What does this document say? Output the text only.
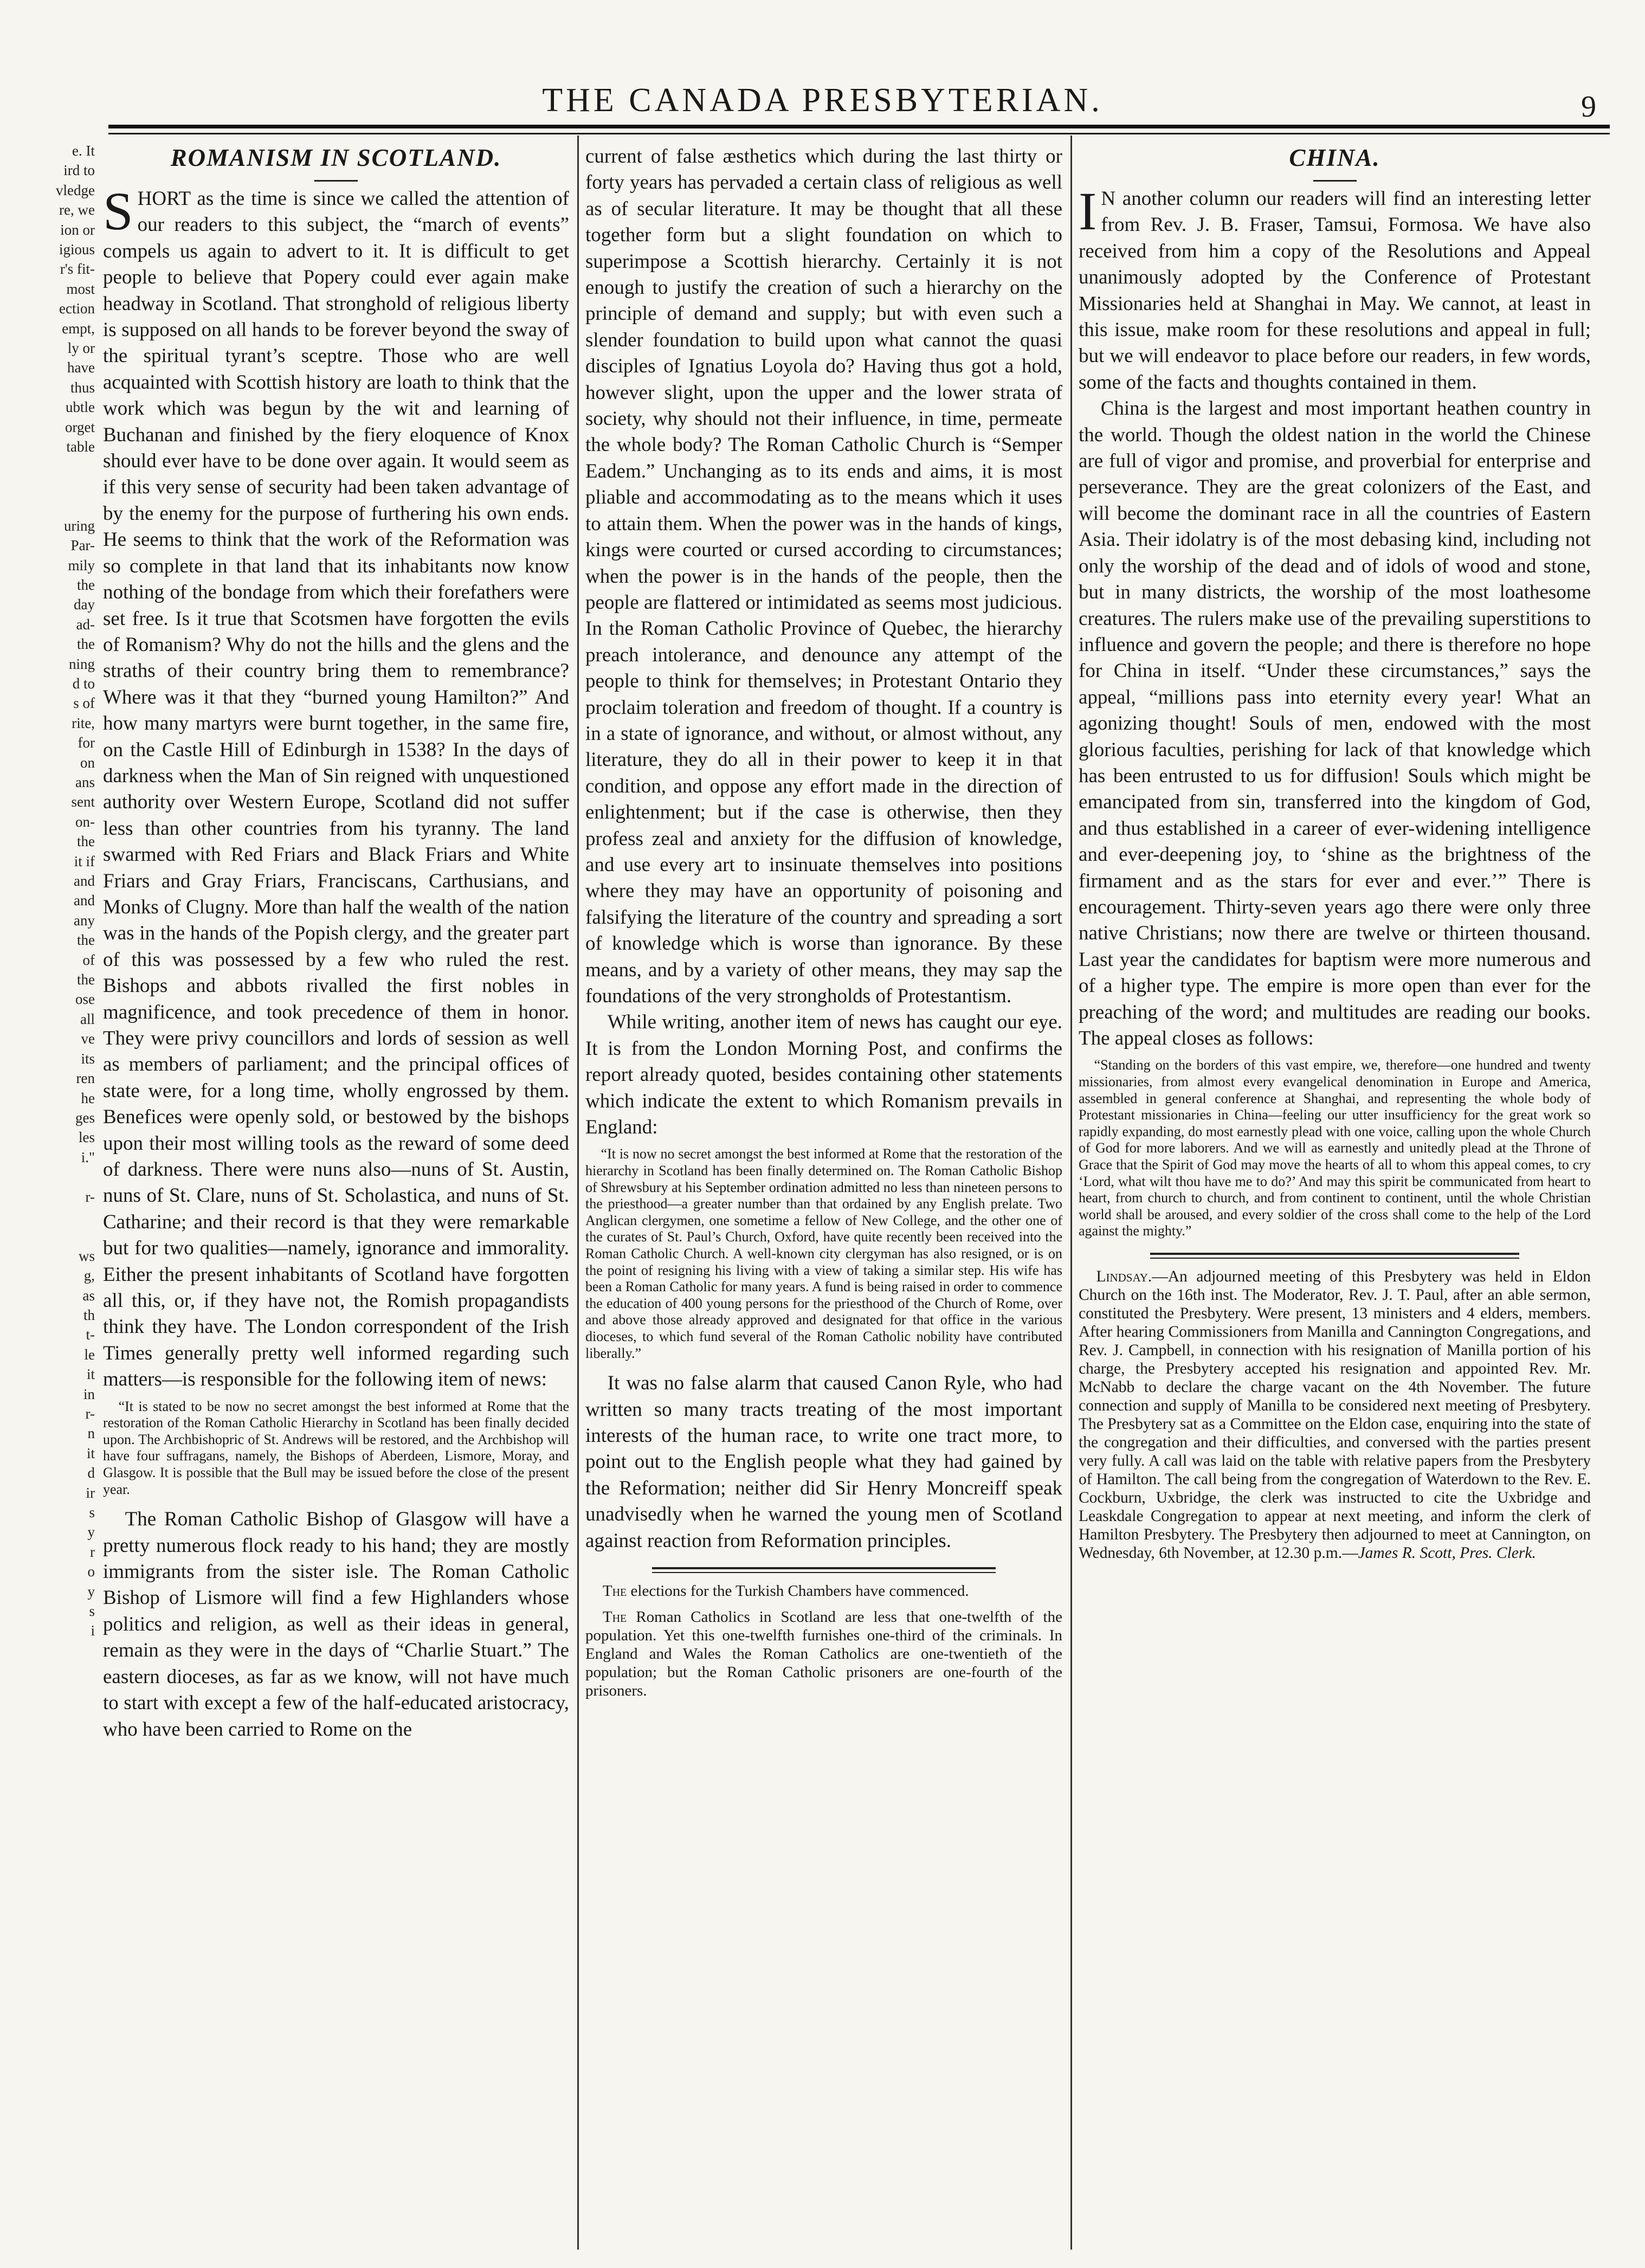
THE CANADA PRESBYTERIAN.	9
e. It
ird to
vledge
re, we
ion or
igious
r's fit-
most
ection
empt,
ly or
have
thus
ubtle
orget
table

uring
Par-
mily
the
day
ad-
the
ning
d to
s of
rite,
for
on
ans
sent
on-
the
it if
and
and
any
the
of
the
ose
all
ve
its
ren
he
ges
les
i."

r-

ws
g,
as
th
t-
le
it
in
r-
n
it
d
ir
s
y
r
o
y
s
i
ROMANISM IN SCOTLAND.

SHORT as the time is since we called the attention of our readers to this subject, the “march of events” compels us again to advert to it. It is difficult to get people to believe that Popery could ever again make headway in Scotland. That stronghold of religious liberty is supposed on all hands to be forever beyond the sway of the spiritual tyrant’s sceptre. Those who are well acquainted with Scottish history are loath to think that the work which was begun by the wit and learning of Buchanan and finished by the fiery eloquence of Knox should ever have to be done over again. It would seem as if this very sense of security had been taken advantage of by the enemy for the purpose of furthering his own ends. He seems to think that the work of the Reformation was so complete in that land that its inhabitants now know nothing of the bondage from which their forefathers were set free. Is it true that Scotsmen have forgotten the evils of Romanism? Why do not the hills and the glens and the straths of their country bring them to remembrance? Where was it that they “burned young Hamilton?” And how many martyrs were burnt together, in the same fire, on the Castle Hill of Edinburgh in 1538? In the days of darkness when the Man of Sin reigned with unquestioned authority over Western Europe, Scotland did not suffer less than other countries from his tyranny. The land swarmed with Red Friars and Black Friars and White Friars and Gray Friars, Franciscans, Carthusians, and Monks of Clugny. More than half the wealth of the nation was in the hands of the Popish clergy, and the greater part of this was possessed by a few who ruled the rest. Bishops and abbots rivalled the first nobles in magnificence, and took precedence of them in honor. They were privy councillors and lords of session as well as members of parliament; and the principal offices of state were, for a long time, wholly engrossed by them. Benefices were openly sold, or bestowed by the bishops upon their most willing tools as the reward of some deed of darkness. There were nuns also—nuns of St. Austin, nuns of St. Clare, nuns of St. Scholastica, and nuns of St. Catharine; and their record is that they were remarkable but for two qualities—namely, ignorance and immorality. Either the present inhabitants of Scotland have forgotten all this, or, if they have not, the Romish propagandists think they have. The London correspondent of the Irish Times generally pretty well informed regarding such matters—is responsible for the following item of news:

“It is stated to be now no secret amongst the best informed at Rome that the restoration of the Roman Catholic Hierarchy in Scotland has been finally decided upon. The Archbishopric of St. Andrews will be restored, and the Archbishop will have four suffragans, namely, the Bishops of Aberdeen, Lismore, Moray, and Glasgow. It is possible that the Bull may be issued before the close of the present year.

The Roman Catholic Bishop of Glasgow will have a pretty numerous flock ready to his hand; they are mostly immigrants from the sister isle. The Roman Catholic Bishop of Lismore will find a few Highlanders whose politics and religion, as well as their ideas in general, remain as they were in the days of “Charlie Stuart.” The eastern dioceses, as far as we know, will not have much to start with except a few of the half-educated aristocracy, who have been carried to Rome on the

current of false æsthetics which during the last thirty or forty years has pervaded a certain class of religious as well as of secular literature. It may be thought that all these together form but a slight foundation on which to superimpose a Scottish hierarchy. Certainly it is not enough to justify the creation of such a hierarchy on the principle of demand and supply; but with even such a slender foundation to build upon what cannot the quasi disciples of Ignatius Loyola do? Having thus got a hold, however slight, upon the upper and the lower strata of society, why should not their influence, in time, permeate the whole body? The Roman Catholic Church is “Semper Eadem.” Unchanging as to its ends and aims, it is most pliable and accommodating as to the means which it uses to attain them. When the power was in the hands of kings, kings were courted or cursed according to circumstances; when the power is in the hands of the people, then the people are flattered or intimidated as seems most judicious. In the Roman Catholic Province of Quebec, the hierarchy preach intolerance, and denounce any attempt of the people to think for themselves; in Protestant Ontario they proclaim toleration and freedom of thought. If a country is in a state of ignorance, and without, or almost without, any literature, they do all in their power to keep it in that condition, and oppose any effort made in the direction of enlightenment; but if the case is otherwise, then they profess zeal and anxiety for the diffusion of knowledge, and use every art to insinuate themselves into positions where they may have an opportunity of poisoning and falsifying the literature of the country and spreading a sort of knowledge which is worse than ignorance. By these means, and by a variety of other means, they may sap the foundations of the very strongholds of Protestantism.

While writing, another item of news has caught our eye. It is from the London Morning Post, and confirms the report already quoted, besides containing other statements which indicate the extent to which Romanism prevails in England:

“It is now no secret amongst the best informed at Rome that the restoration of the hierarchy in Scotland has been finally determined on. The Roman Catholic Bishop of Shrewsbury at his September ordination admitted no less than nineteen persons to the priesthood—a greater number than that ordained by any English prelate. Two Anglican clergymen, one sometime a fellow of New College, and the other one of the curates of St. Paul’s Church, Oxford, have quite recently been received into the Roman Catholic Church. A well-known city clergyman has also resigned, or is on the point of resigning his living with a view of taking a similar step. His wife has been a Roman Catholic for many years. A fund is being raised in order to commence the education of 400 young persons for the priesthood of the Church of Rome, over and above those already approved and designated for that office in the various dioceses, to which fund several of the Roman Catholic nobility have contributed liberally.”

It was no false alarm that caused Canon Ryle, who had written so many tracts treating of the most important interests of the human race, to write one tract more, to point out to the English people what they had gained by the Reformation; neither did Sir Henry Moncreiff speak unadvisedly when he warned the young men of Scotland against reaction from Reformation principles.

The elections for the Turkish Chambers have commenced.

The Roman Catholics in Scotland are less that one-twelfth of the population. Yet this one-twelfth furnishes one-third of the criminals. In England and Wales the Roman Catholics are one-twentieth of the population; but the Roman Catholic prisoners are one-fourth of the prisoners.

CHINA.

I N another column our readers will find an interesting letter from Rev. J. B. Fraser, Tamsui, Formosa. We have also received from him a copy of the Resolutions and Appeal unanimously adopted by the Conference of Protestant Missionaries held at Shanghai in May. We cannot, at least in this issue, make room for these resolutions and appeal in full; but we will endeavor to place before our readers, in few words, some of the facts and thoughts contained in them.

China is the largest and most important heathen country in the world. Though the oldest nation in the world the Chinese are full of vigor and promise, and proverbial for enterprise and perseverance. They are the great colonizers of the East, and will become the dominant race in all the countries of Eastern Asia. Their idolatry is of the most debasing kind, including not only the worship of the dead and of idols of wood and stone, but in many districts, the worship of the most loathesome creatures. The rulers make use of the prevailing superstitions to influence and govern the people; and there is therefore no hope for China in itself. “Under these circumstances,” says the appeal, “millions pass into eternity every year! What an agonizing thought! Souls of men, endowed with the most glorious faculties, perishing for lack of that knowledge which has been entrusted to us for diffusion! Souls which might be emancipated from sin, transferred into the kingdom of God, and thus established in a career of ever-widening intelligence and ever-deepening joy, to ‘shine as the brightness of the firmament and as the stars for ever and ever.’” There is encouragement. Thirty-seven years ago there were only three native Christians; now there are twelve or thirteen thousand. Last year the candidates for baptism were more numerous and of a higher type. The empire is more open than ever for the preaching of the word; and multitudes are reading our books. The appeal closes as follows:

“Standing on the borders of this vast empire, we, therefore—one hundred and twenty missionaries, from almost every evangelical denomination in Europe and America, assembled in general conference at Shanghai, and representing the whole body of Protestant missionaries in China—feeling our utter insufficiency for the great work so rapidly expanding, do most earnestly plead with one voice, calling upon the whole Church of God for more laborers. And we will as earnestly and unitedly plead at the Throne of Grace that the Spirit of God may move the hearts of all to whom this appeal comes, to cry ‘Lord, what wilt thou have me to do?’ And may this spirit be communicated from heart to heart, from church to church, and from continent to continent, until the whole Christian world shall be aroused, and every soldier of the cross shall come to the help of the Lord against the mighty.”

Lindsay.—An adjourned meeting of this Presbytery was held in Eldon Church on the 16th inst. The Moderator, Rev. J. T. Paul, after an able sermon, constituted the Presbytery. Were present, 13 ministers and 4 elders, members. After hearing Commissioners from Manilla and Cannington Congregations, and Rev. J. Campbell, in connection with his resignation of Manilla portion of his charge, the Presbytery accepted his resignation and appointed Rev. Mr. McNabb to declare the charge vacant on the 4th November. The future connection and supply of Manilla to be considered next meeting of Presbytery. The Presbytery sat as a Committee on the Eldon case, enquiring into the state of the congregation and their difficulties, and conversed with the parties present very fully. A call was laid on the table with relative papers from the Presbytery of Hamilton. The call being from the congregation of Waterdown to the Rev. E. Cockburn, Uxbridge, the clerk was instructed to cite the Uxbridge and Leaskdale Congregation to appear at next meeting, and inform the clerk of Hamilton Presbytery. The Presbytery then adjourned to meet at Cannington, on Wednesday, 6th November, at 12.30 p.m.—James R. Scott, Pres. Clerk.
